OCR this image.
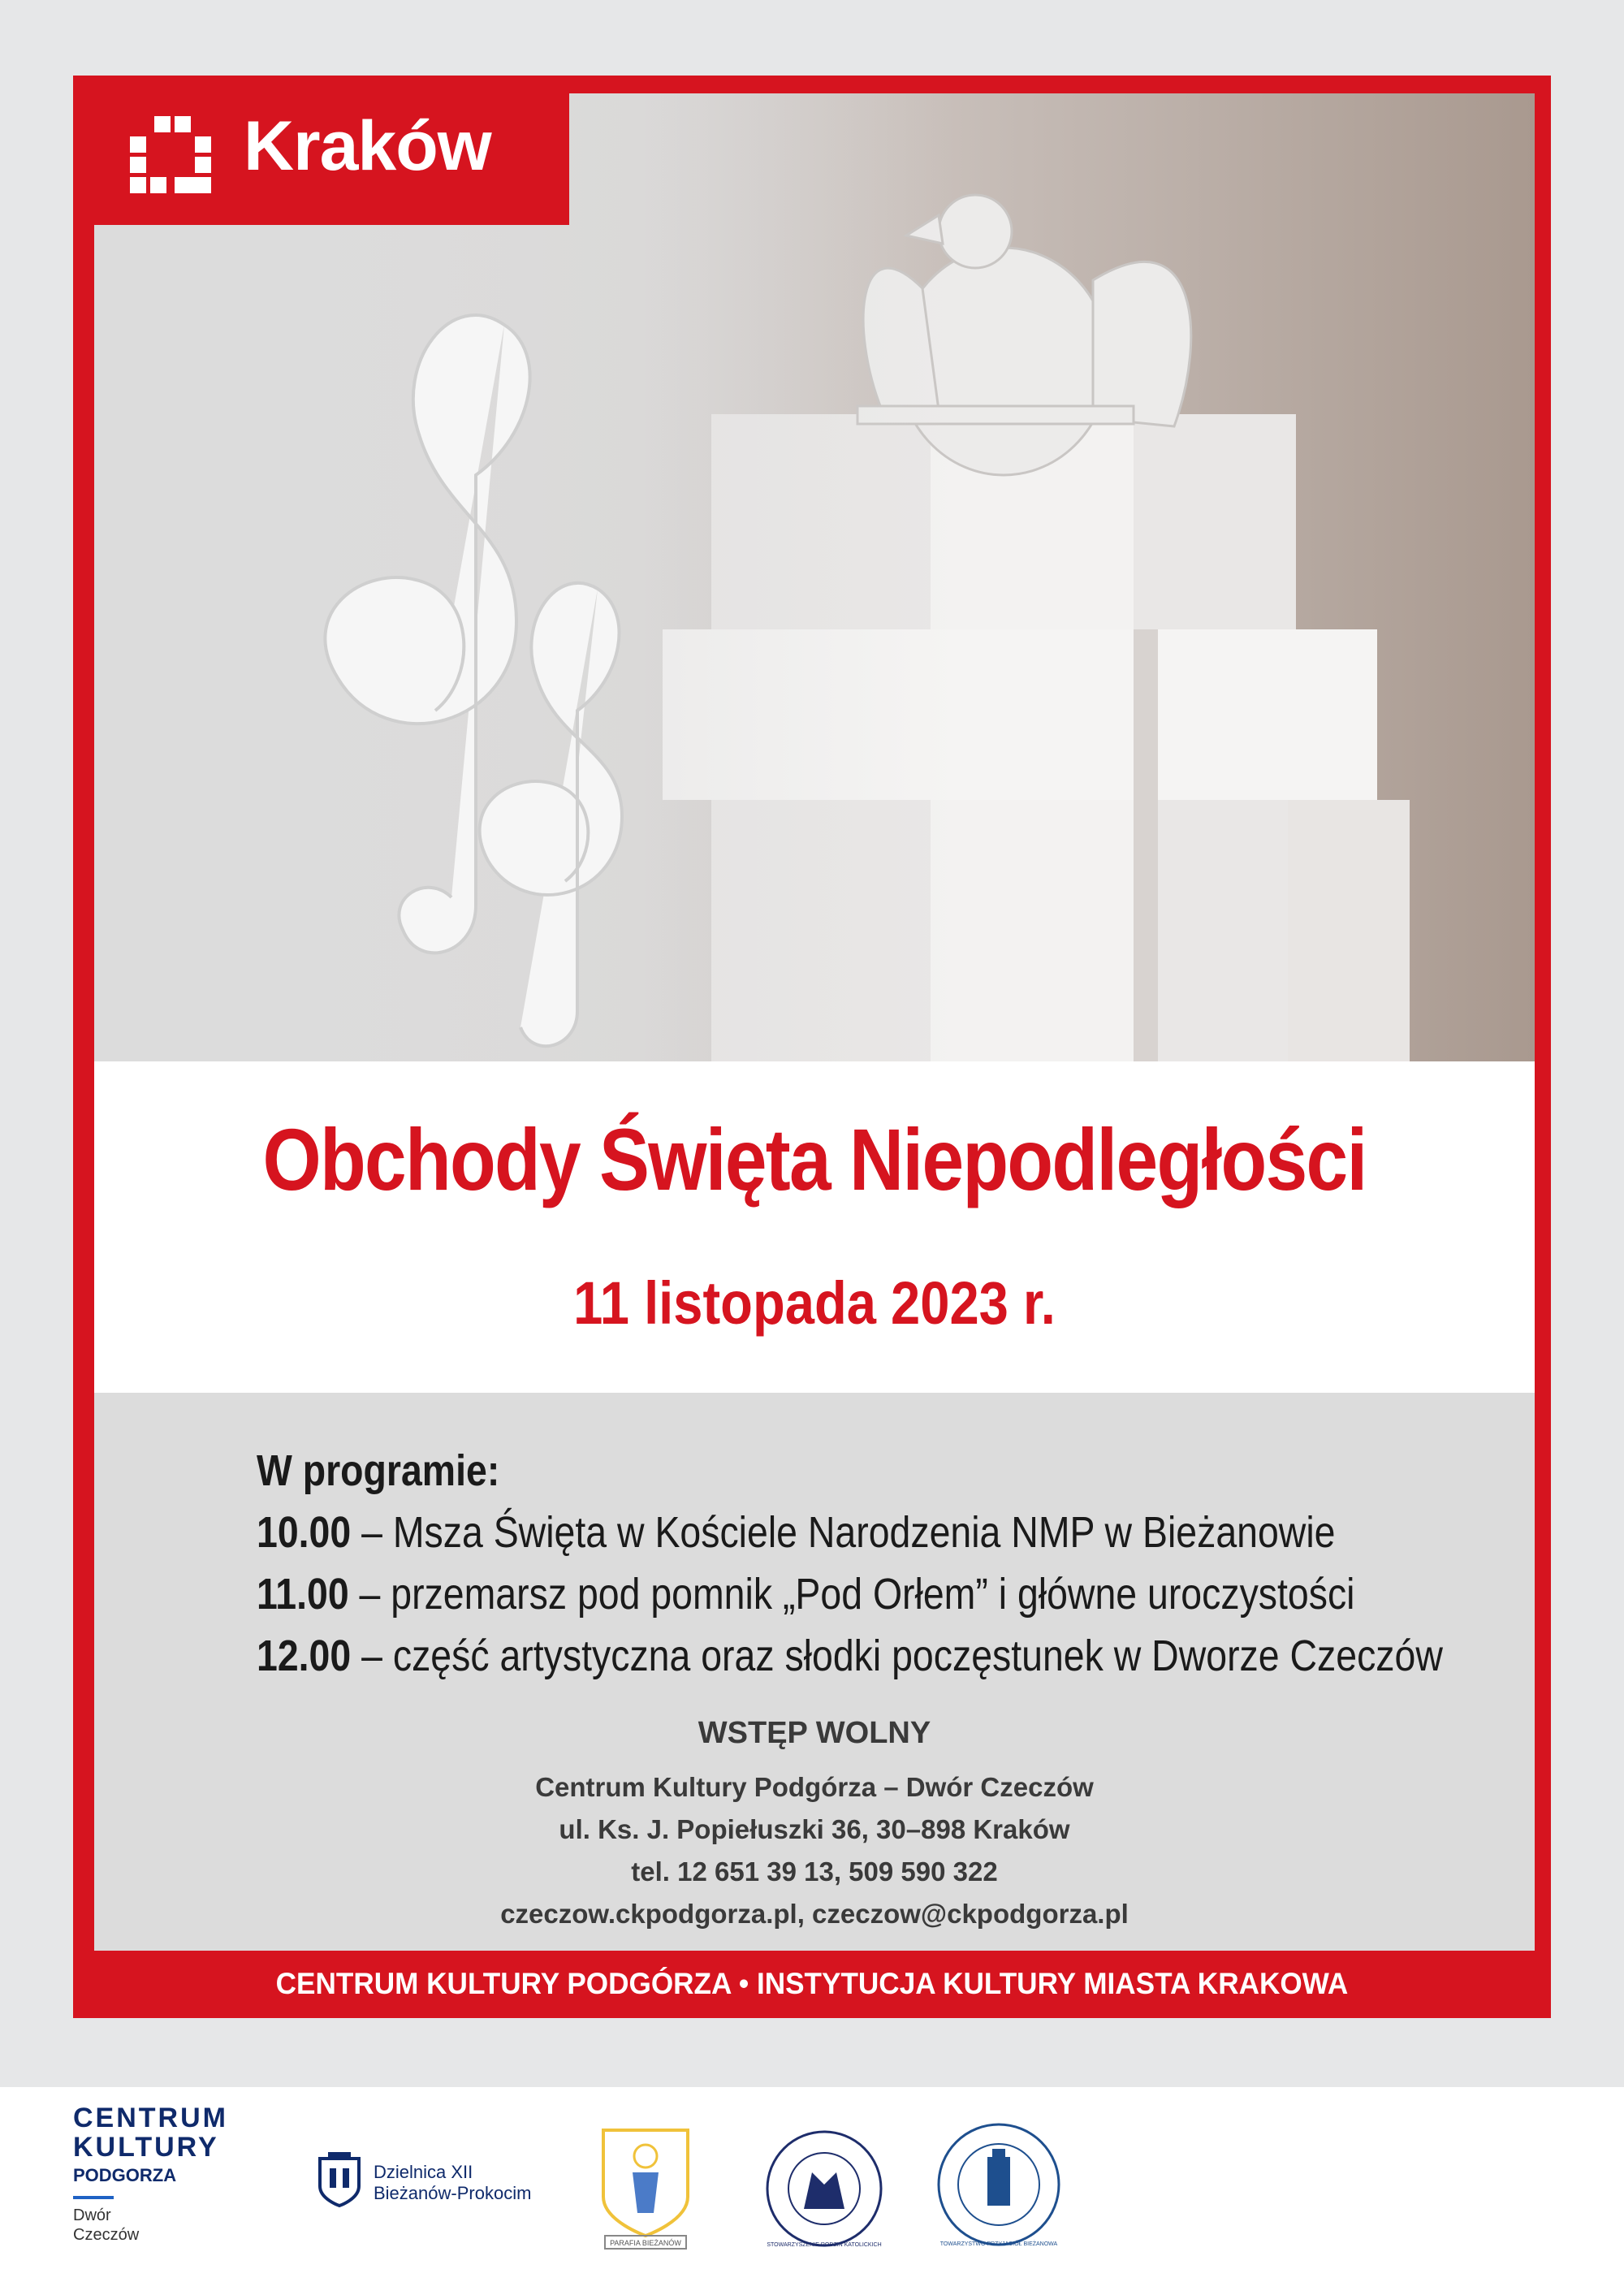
Kraków
Obchody Święta Niepodległości
11 listopada 2023 r.
W programie:
10.00 – Msza Święta w Kościele Narodzenia NMP w Bieżanowie
11.00 – przemarsz pod pomnik „Pod Orłem” i główne uroczystości
12.00 – część artystyczna oraz słodki poczęstunek w Dworze Czeczów
WSTĘP WOLNY
Centrum Kultury Podgórza – Dwór Czeczów
ul. Ks. J. Popiełuszki 36, 30–898 Kraków
tel. 12 651 39 13, 509 590 322
czeczow.ckpodgorza.pl, czeczow@ckpodgorza.pl
CENTRUM KULTURY PODGÓRZA • INSTYTUCJA KULTURY MIASTA KRAKOWA
CENTRUM
KULTURY
PODGORZA
Dwór
Czeczów
Dzielnica XII
Bieżanów-Prokocim
PARAFIA BIEŻANÓW	STOWARZYSZENIE RODZIN KATOLICKICH	TOWARZYSTWO PRZYJACIÓŁ BIEŻANOWA
